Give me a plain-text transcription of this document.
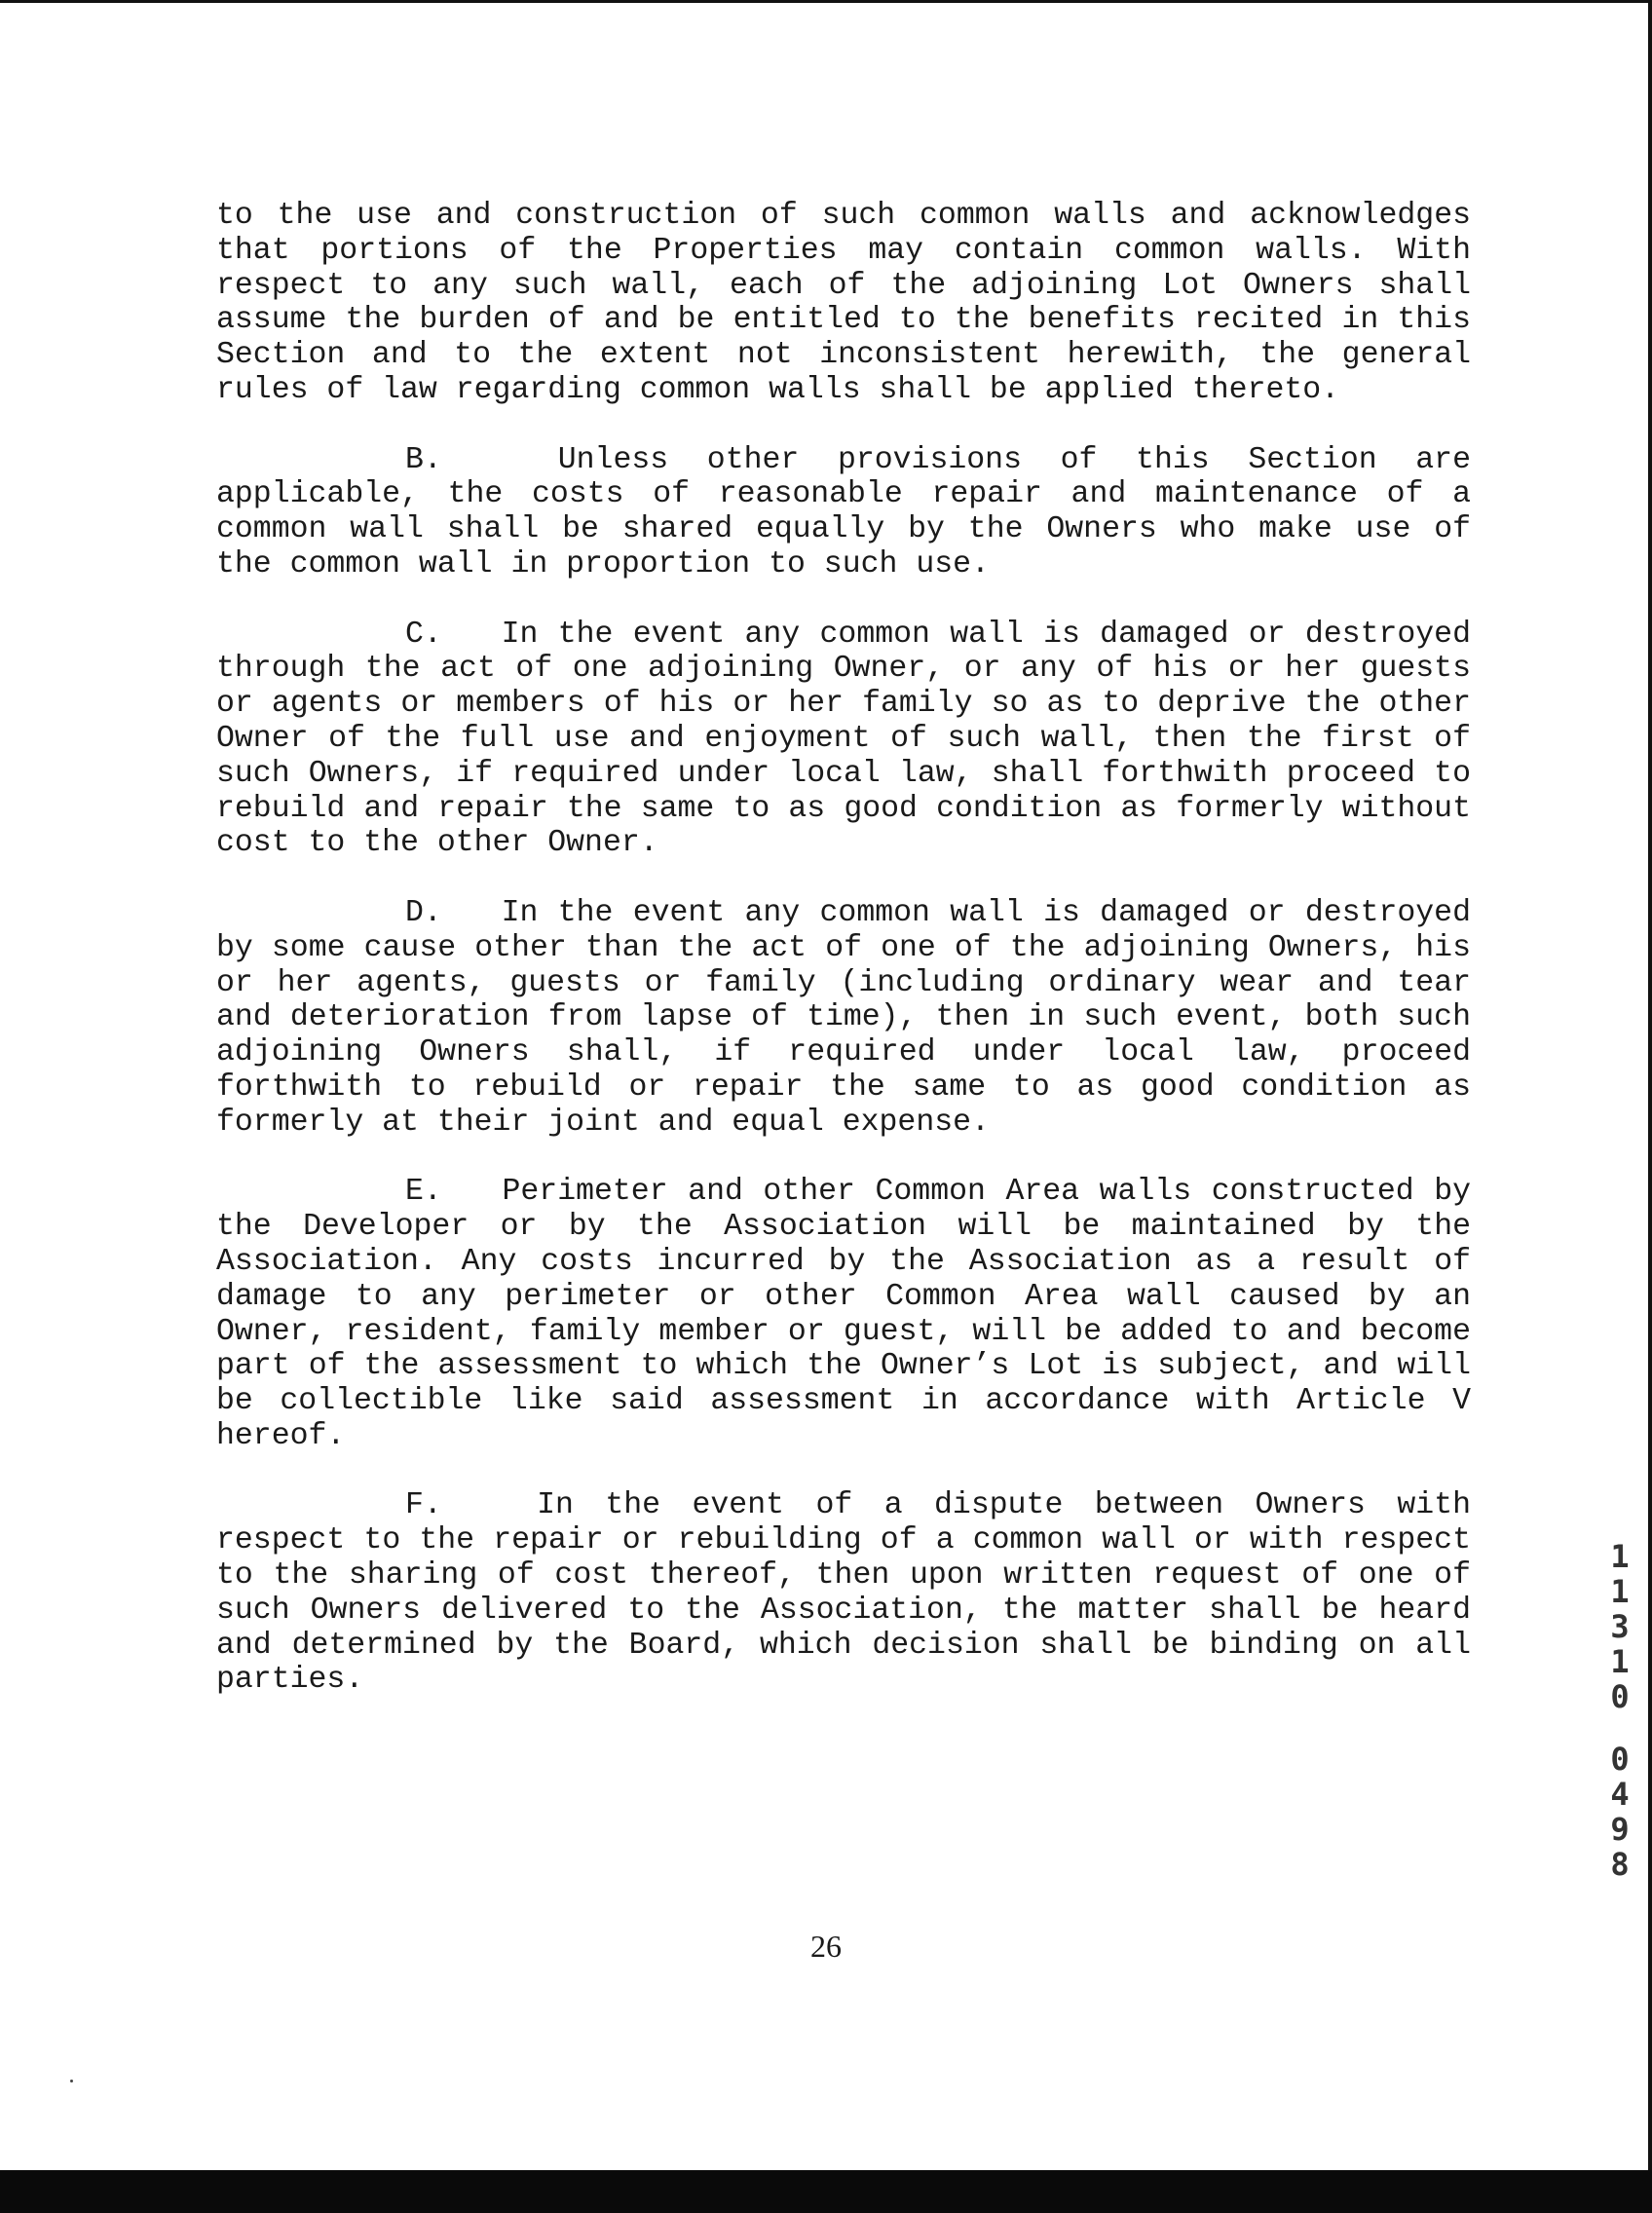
to the use and construction of such common walls and acknowledges that portions of the Properties may contain common walls. With respect to any such wall, each of the adjoining Lot Owners shall assume the burden of and be entitled to the benefits recited in this Section and to the extent not inconsistent herewith, the general rules of law regarding common walls shall be applied thereto.

B.	Unless other provisions of this Section are applicable, the costs of reasonable repair and maintenance of a common wall shall be shared equally by the Owners who make use of the common wall in proportion to such use.

C. In the event any common wall is damaged or destroyed through the act of one adjoining Owner, or any of his or her guests or agents or members of his or her family so as to deprive the other Owner of the full use and enjoyment of such wall, then the first of such Owners, if required under local law, shall forthwith proceed to rebuild and repair the same to as good condition as formerly without cost to the other Owner.

D. In the event any common wall is damaged or destroyed by some cause other than the act of one of the adjoining Owners, his or her agents, guests or family (including ordinary wear and tear and deterioration from lapse of time), then in such event, both such adjoining Owners shall, if required under local law, proceed forthwith to rebuild or repair the same to as good condition as formerly at their joint and equal expense.

E. Perimeter and other Common Area walls constructed by the Developer or by the Association will be maintained by the Association. Any costs incurred by the Association as a result of damage to any perimeter or other Common Area wall caused by an Owner, resident, family member or guest, will be added to and become part of the assessment to which the Owner’s Lot is subject, and will be collectible like said assessment in accordance with Article V hereof.

F.	In the event of a dispute between Owners with respect to the repair or rebuilding of a common wall or with respect to the sharing of cost thereof, then upon written request of one of such Owners delivered to the Association, the matter shall be heard and determined by the Board, which decision shall be binding on all parties.

1
1
3
1
0
0
4
9
8
26
